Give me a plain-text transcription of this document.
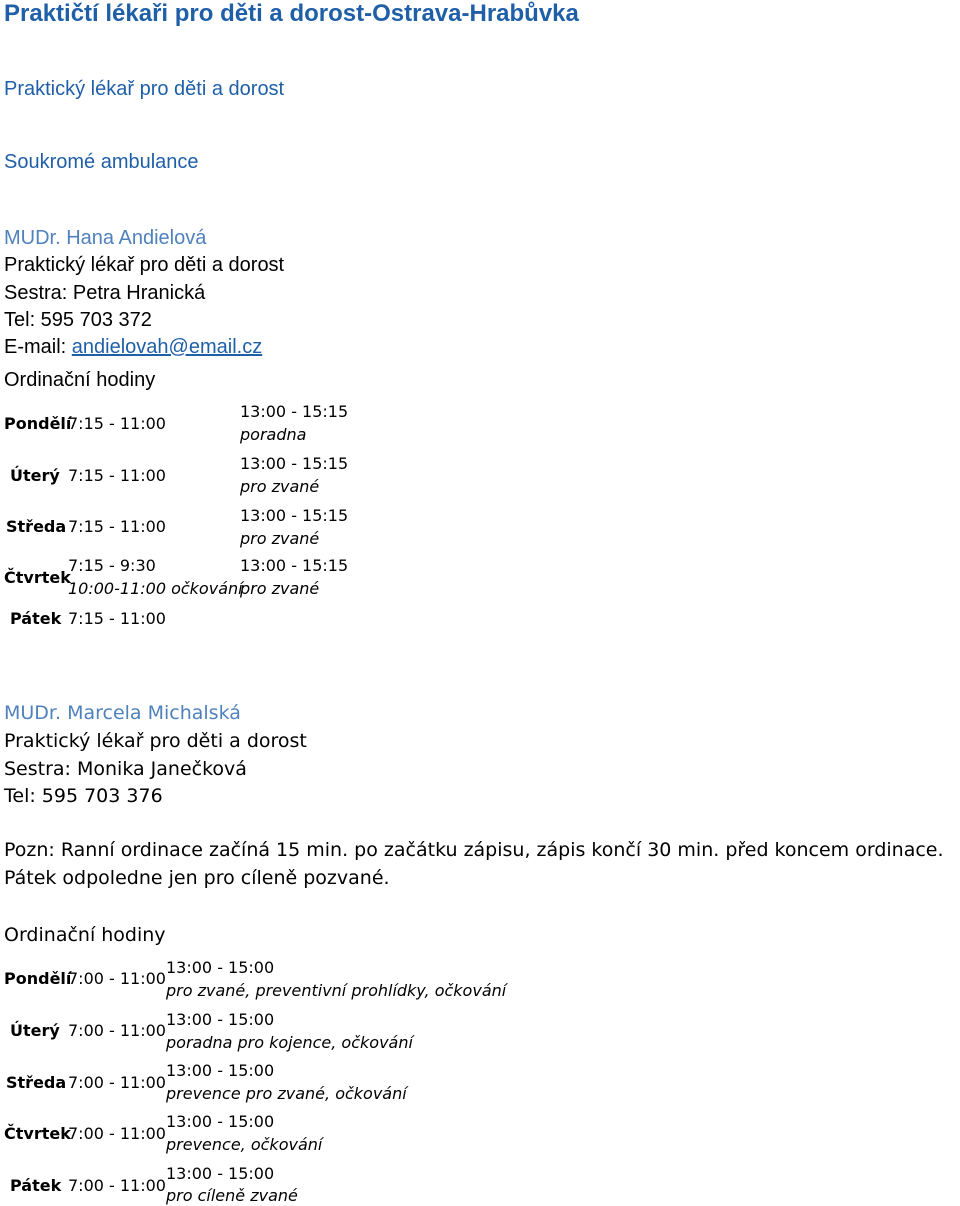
Praktičtí lékaři pro děti a dorost-Ostrava-Hrabůvka
Praktický lékař pro děti a dorost
Soukromé ambulance
MUDr. Hana Andielová
Praktický lékař pro děti a dorost
Sestra: Petra Hranická
Tel: 595 703 372
E-mail: andielovah@email.cz
Ordinační hodiny
Pondělí
7:15 - 11:00
13:00 - 15:15
poradna
Úterý 7:15 - 11:00
13:00 - 15:15
pro zvané
Středa 7:15 - 11:00
13:00 - 15:15
pro zvané
Čtvrtek
7:15 - 9:30
10:00-11:00 očkování
13:00 - 15:15
pro zvané
Pátek 7:15 - 11:00
MUDr. Marcela Michalská
Praktický lékař pro děti a dorost
Sestra: Monika Janečková
Tel: 595 703 376
Pozn: Ranní ordinace začíná 15 min. po začátku zápisu, zápis končí 30 min. před koncem ordinace. Pátek odpoledne jen pro cíleně pozvané.
Ordinační hodiny
Pondělí
7:00 - 11:00
13:00 - 15:00
pro zvané, preventivní prohlídky, očkování
Úterý 7:00 - 11:00
13:00 - 15:00
poradna pro kojence, očkování
Středa 7:00 - 11:00
13:00 - 15:00
prevence pro zvané, očkování
Čtvrtek
7:00 - 11:00
13:00 - 15:00
prevence, očkování
Pátek 7:00 - 11:00
13:00 - 15:00
pro cíleně zvané
